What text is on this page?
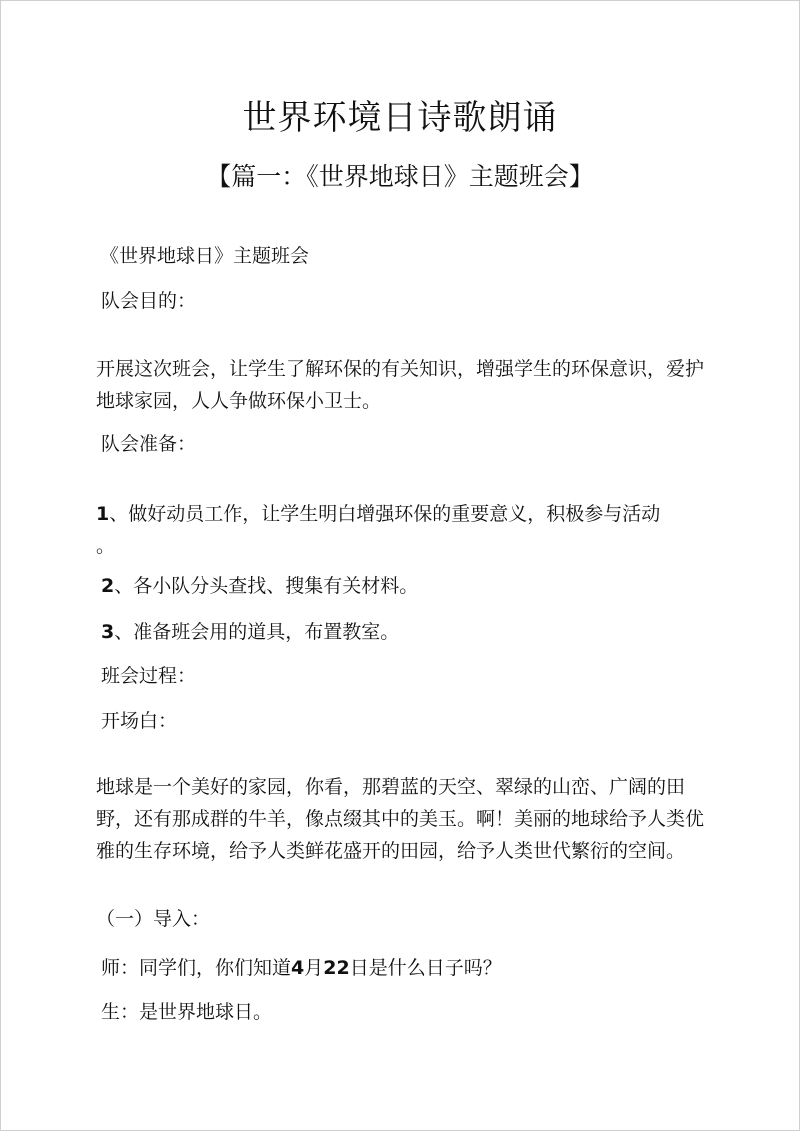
世界环境日诗歌朗诵
【篇一：《世界地球日》主题班会】
《世界地球日》主题班会
队会目的：
开展这次班会，让学生了解环保的有关知识，增强学生的环保意识，爱护地球家园，人人争做环保小卫士。
队会准备：
1、做好动员工作，让学生明白增强环保的重要意义，积极参与活动
。
2、各小队分头查找、搜集有关材料。
3、准备班会用的道具，布置教室。
班会过程：
开场白：
地球是一个美好的家园，你看，那碧蓝的天空、翠绿的山峦、广阔的田野，还有那成群的牛羊，像点缀其中的美玉。啊！美丽的地球给予人类优雅的生存环境，给予人类鲜花盛开的田园，给予人类世代繁衍的空间。
（一）导入：
师：同学们，你们知道4月22日是什么日子吗？
生：是世界地球日。
